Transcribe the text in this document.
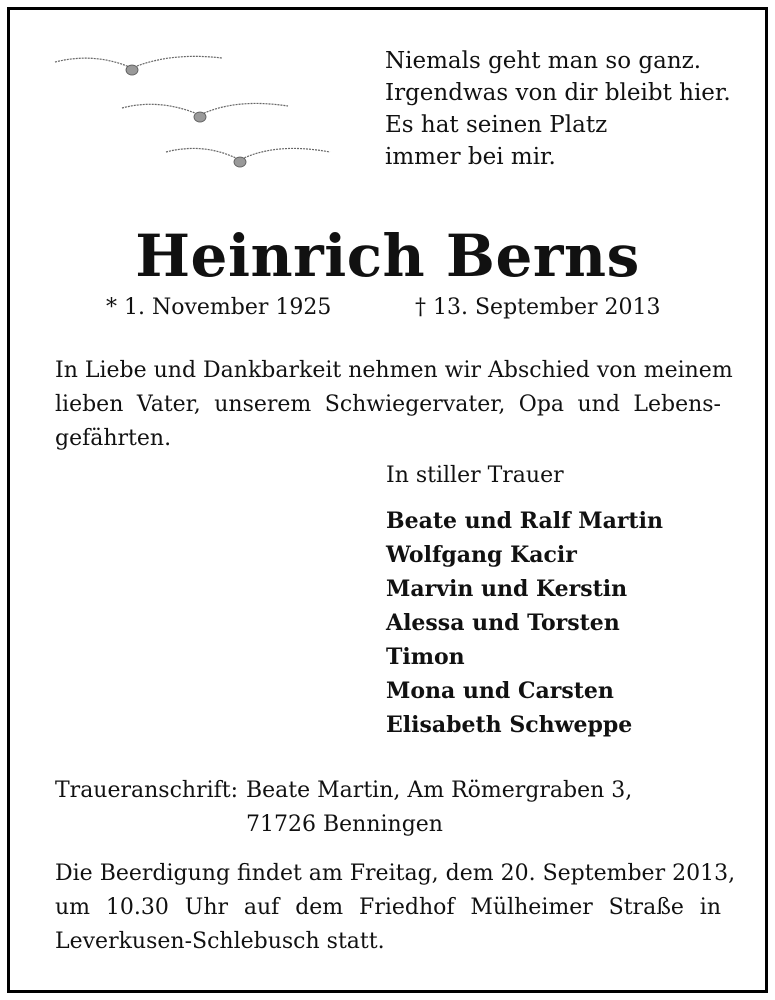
Niemals geht man so ganz.
Irgendwas von dir bleibt hier.
Es hat seinen Platz
immer bei mir.
Heinrich Berns
* 1. November 1925	† 13. September 2013
In Liebe und Dankbarkeit nehmen wir Abschied von meinem
lieben Vater, unserem Schwiegervater, Opa und Lebens-
gefährten.
In stiller Trauer
Beate und Ralf Martin
Wolfgang Kacir
Marvin und Kerstin
Alessa und Torsten
Timon
Mona und Carsten
Elisabeth Schweppe
Traueranschrift: Beate Martin, Am Römergraben 3,
71726 Benningen
Die Beerdigung findet am Freitag, dem 20. September 2013,
um 10.30 Uhr auf dem Friedhof Mülheimer Straße in
Leverkusen-Schlebusch statt.
